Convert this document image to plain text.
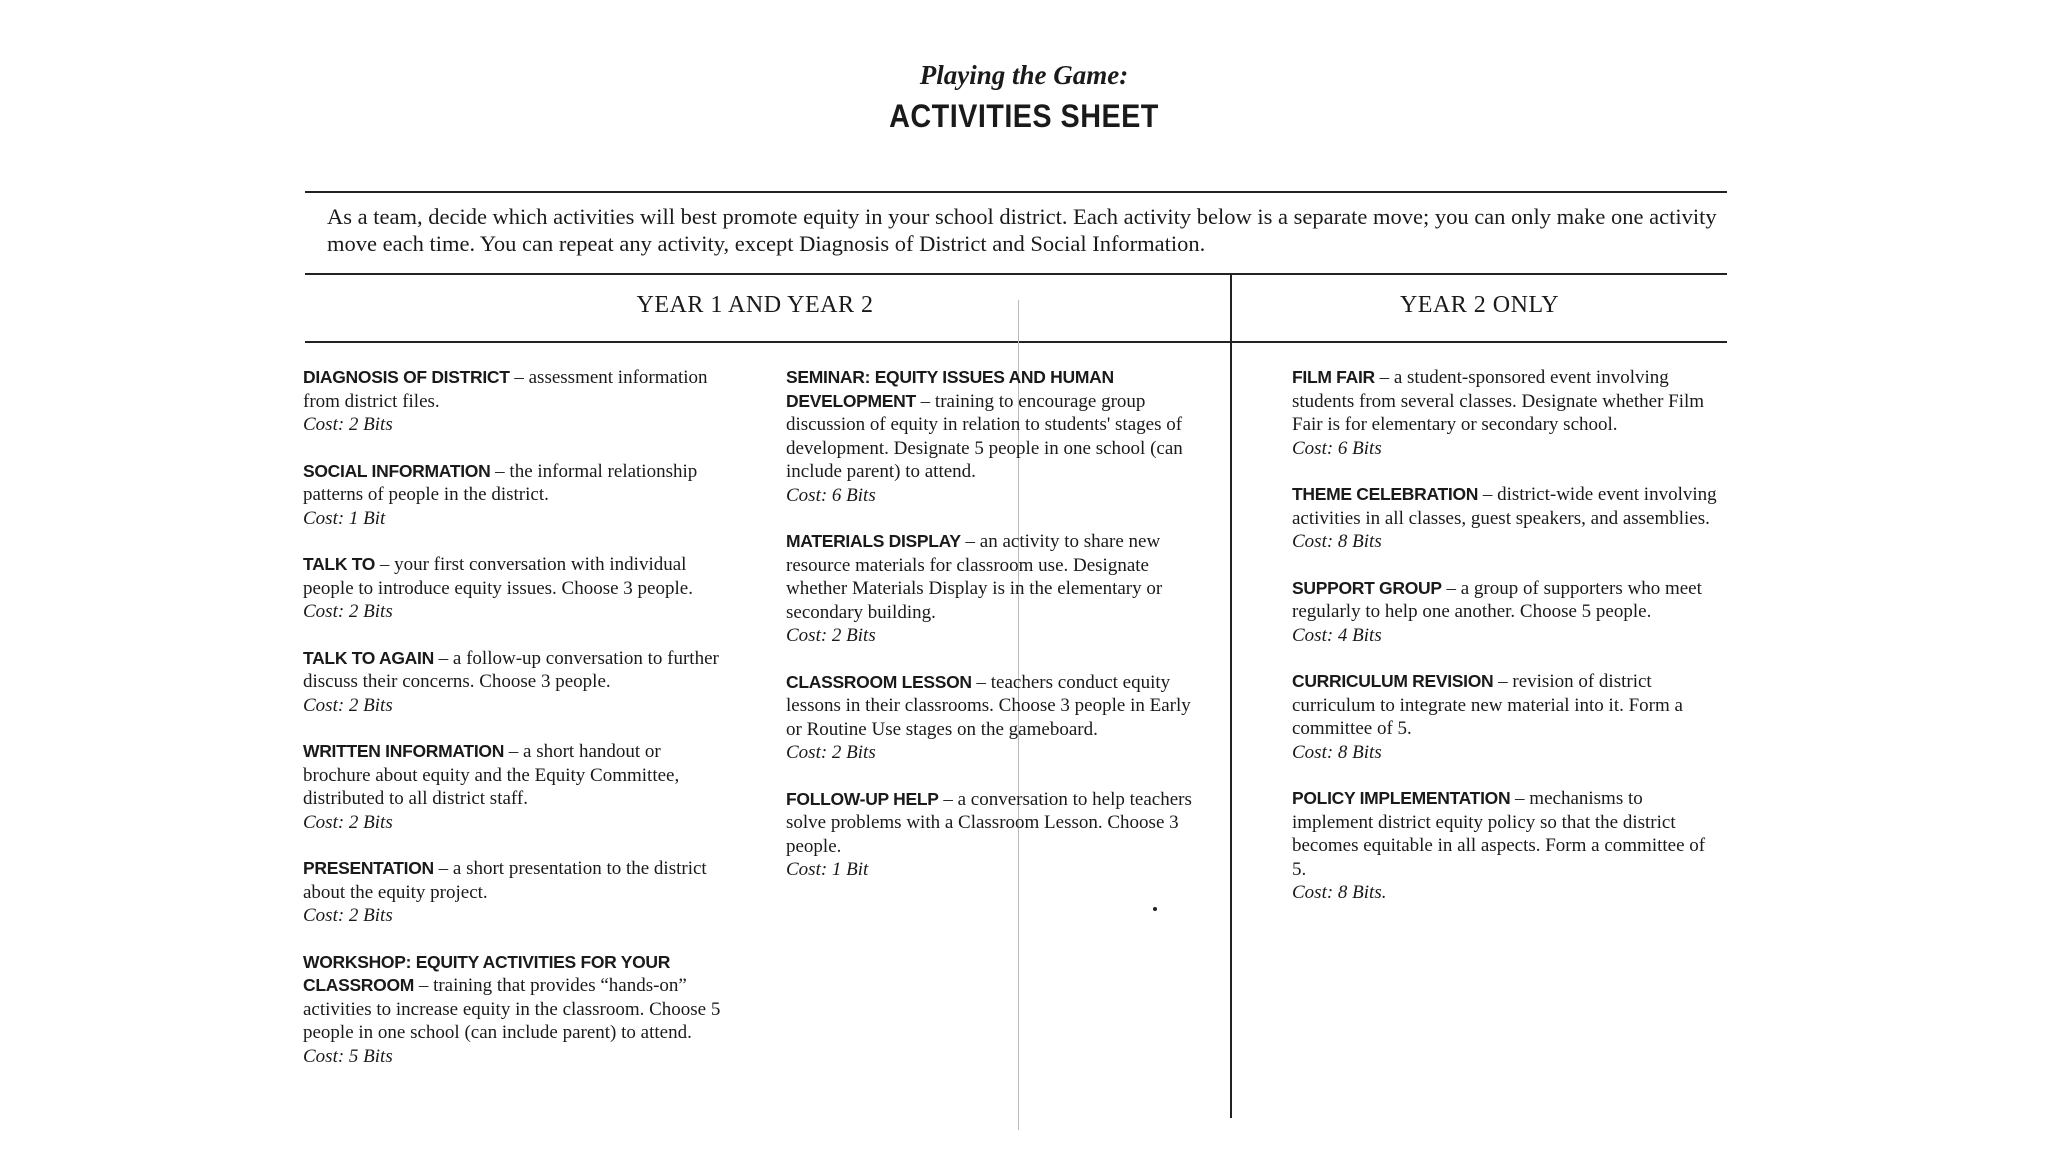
Playing the Game:
ACTIVITIES SHEET
As a team, decide which activities will best promote equity in your school district. Each activity below is a separate move; you can only make one activity move each time. You can repeat any activity, except Diagnosis of District and Social Information.
YEAR 1 AND YEAR 2	YEAR 2 ONLY
DIAGNOSIS OF DISTRICT – assessment information from district files.
Cost: 2 Bits
SOCIAL INFORMATION – the informal relationship patterns of people in the district.
Cost: 1 Bit
TALK TO – your first conversation with individual people to introduce equity issues. Choose 3 people.
Cost: 2 Bits
TALK TO AGAIN – a follow-up conversation to further discuss their concerns. Choose 3 people.
Cost: 2 Bits
WRITTEN INFORMATION – a short handout or brochure about equity and the Equity Committee, distributed to all district staff.
Cost: 2 Bits
PRESENTATION – a short presentation to the district about the equity project.
Cost: 2 Bits
WORKSHOP: EQUITY ACTIVITIES FOR YOUR CLASSROOM – training that provides “hands-on” activities to increase equity in the classroom. Choose 5 people in one school (can include parent) to attend.
Cost: 5 Bits
SEMINAR: EQUITY ISSUES AND HUMAN DEVELOPMENT – training to encourage group discussion of equity in relation to students' stages of development. Designate 5 people in one school (can include parent) to attend.
Cost: 6 Bits
MATERIALS DISPLAY – an activity to share new resource materials for classroom use. Designate whether Materials Display is in the elementary or secondary building.
Cost: 2 Bits
CLASSROOM LESSON – teachers conduct equity lessons in their classrooms. Choose 3 people in Early or Routine Use stages on the gameboard.
Cost: 2 Bits
FOLLOW-UP HELP – a conversation to help teachers solve problems with a Classroom Lesson. Choose 3 people.
Cost: 1 Bit
FILM FAIR – a student-sponsored event involving students from several classes. Designate whether Film Fair is for elementary or secondary school.
Cost: 6 Bits
THEME CELEBRATION – district-wide event involving activities in all classes, guest speakers, and assemblies.
Cost: 8 Bits
SUPPORT GROUP – a group of supporters who meet regularly to help one another. Choose 5 people.
Cost: 4 Bits
CURRICULUM REVISION – revision of district curriculum to integrate new material into it. Form a committee of 5.
Cost: 8 Bits
POLICY IMPLEMENTATION – mechanisms to implement district equity policy so that the district becomes equitable in all aspects. Form a committee of 5.
Cost: 8 Bits.
